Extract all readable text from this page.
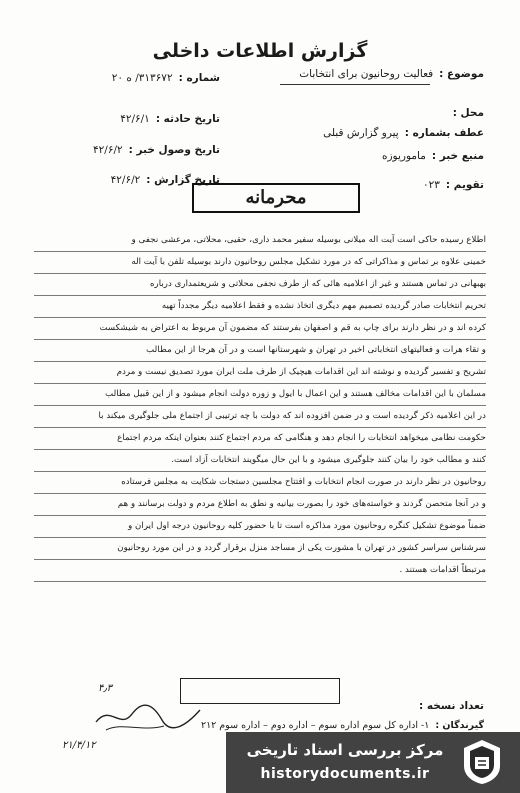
گزارش اطلاعات داخلی
موضوع :فعالیت روحانیون برای انتخابات
محل :
عطف بشماره :پیرو گزارش قبلی
منبع خبر :ماموریوزه
تقویم :۰۲۳
شماره :۳۱۳۶۷۲/ ه ۲۰
تاریخ حادثه :۴۲/۶/۱
تاریخ وصول خبر :۴۲/۶/۲
تاریخ گزارش :۴۲/۶/۲
محرمانه
اطلاع رسیده حاکی است آیت اله میلانی بوسیله سفیر محمد داری، حقیی، محلاتی، مرعشی نجفی و
خمینی علاوه بر تماس و مذاکراتی که در مورد تشکیل مجلس روحانیون دارند بوسیله تلفن با آیت اله
بهبهانی در تماس هستند و غیر از اعلامیه هائی که از طرف نجفی محلاتی و شریعتمداری درباره
تحریم انتخابات صادر گردیده تصمیم مهم دیگری اتخاذ نشده و فقط اعلامیه دیگر مجدداً تهیه
کرده اند و در نظر دارند برای چاپ به قم و اصفهان بفرستند که مضمون آن مربوط به اعتراض به شیشکست
و تقاء هرات و فعالیتهای انتخاباتی اخیر در تهران و شهرستانها است و در آن هرجا از این مطالب
تشریح و تفسیر گردیده و نوشته اند این اقدامات هیچیک از طرف ملت ایران مورد تصدیق نیست و مردم
مسلمان با این اقدامات مخالف هستند و این اعمال با ایول و زوره دولت انجام میشود و از این قبیل مطالب
در این اعلامیه ذکر گردیده است و در ضمن افزوده اند که دولت با چه ترتیبی از اجتماع ملی جلوگیری میکند با
حکومت نظامی میخواهد انتخابات را انجام دهد و هنگامی که مردم اجتماع کنند بعنوان اینکه مردم اجتماع
کنند و مطالب خود را بیان کنند جلوگیری میشود و با این حال میگویند انتخابات آزاد است.
روحانیون در نظر دارند در صورت انجام انتخابات و افتتاح مجلسین دستجات شکایت به مجلس فرستاده
و در آنجا متحصن گردند و خواسته‌های خود را بصورت بیانیه و نطق به اطلاع مردم و دولت برسانند و هم
ضمناً موضوع تشکیل کنگره روحانیون مورد مذاکره است تا با حضور کلیه روحانیون درجه اول ایران و
سرشناس سراسر کشور در تهران با مشورت یکی از مساجد منزل برقرار گردد و در این مورد روحانیون
مرتبطاً اقدامات هستند .
۴٫۳
۲۱/۴/۱۲
تعداد نسخه :
گیرندگان :۱- اداره کل سوم اداره سوم – اداره دوم – اداره سوم ۲۱۲
مرکز بررسی اسناد تاریخی
historydocuments.ir
